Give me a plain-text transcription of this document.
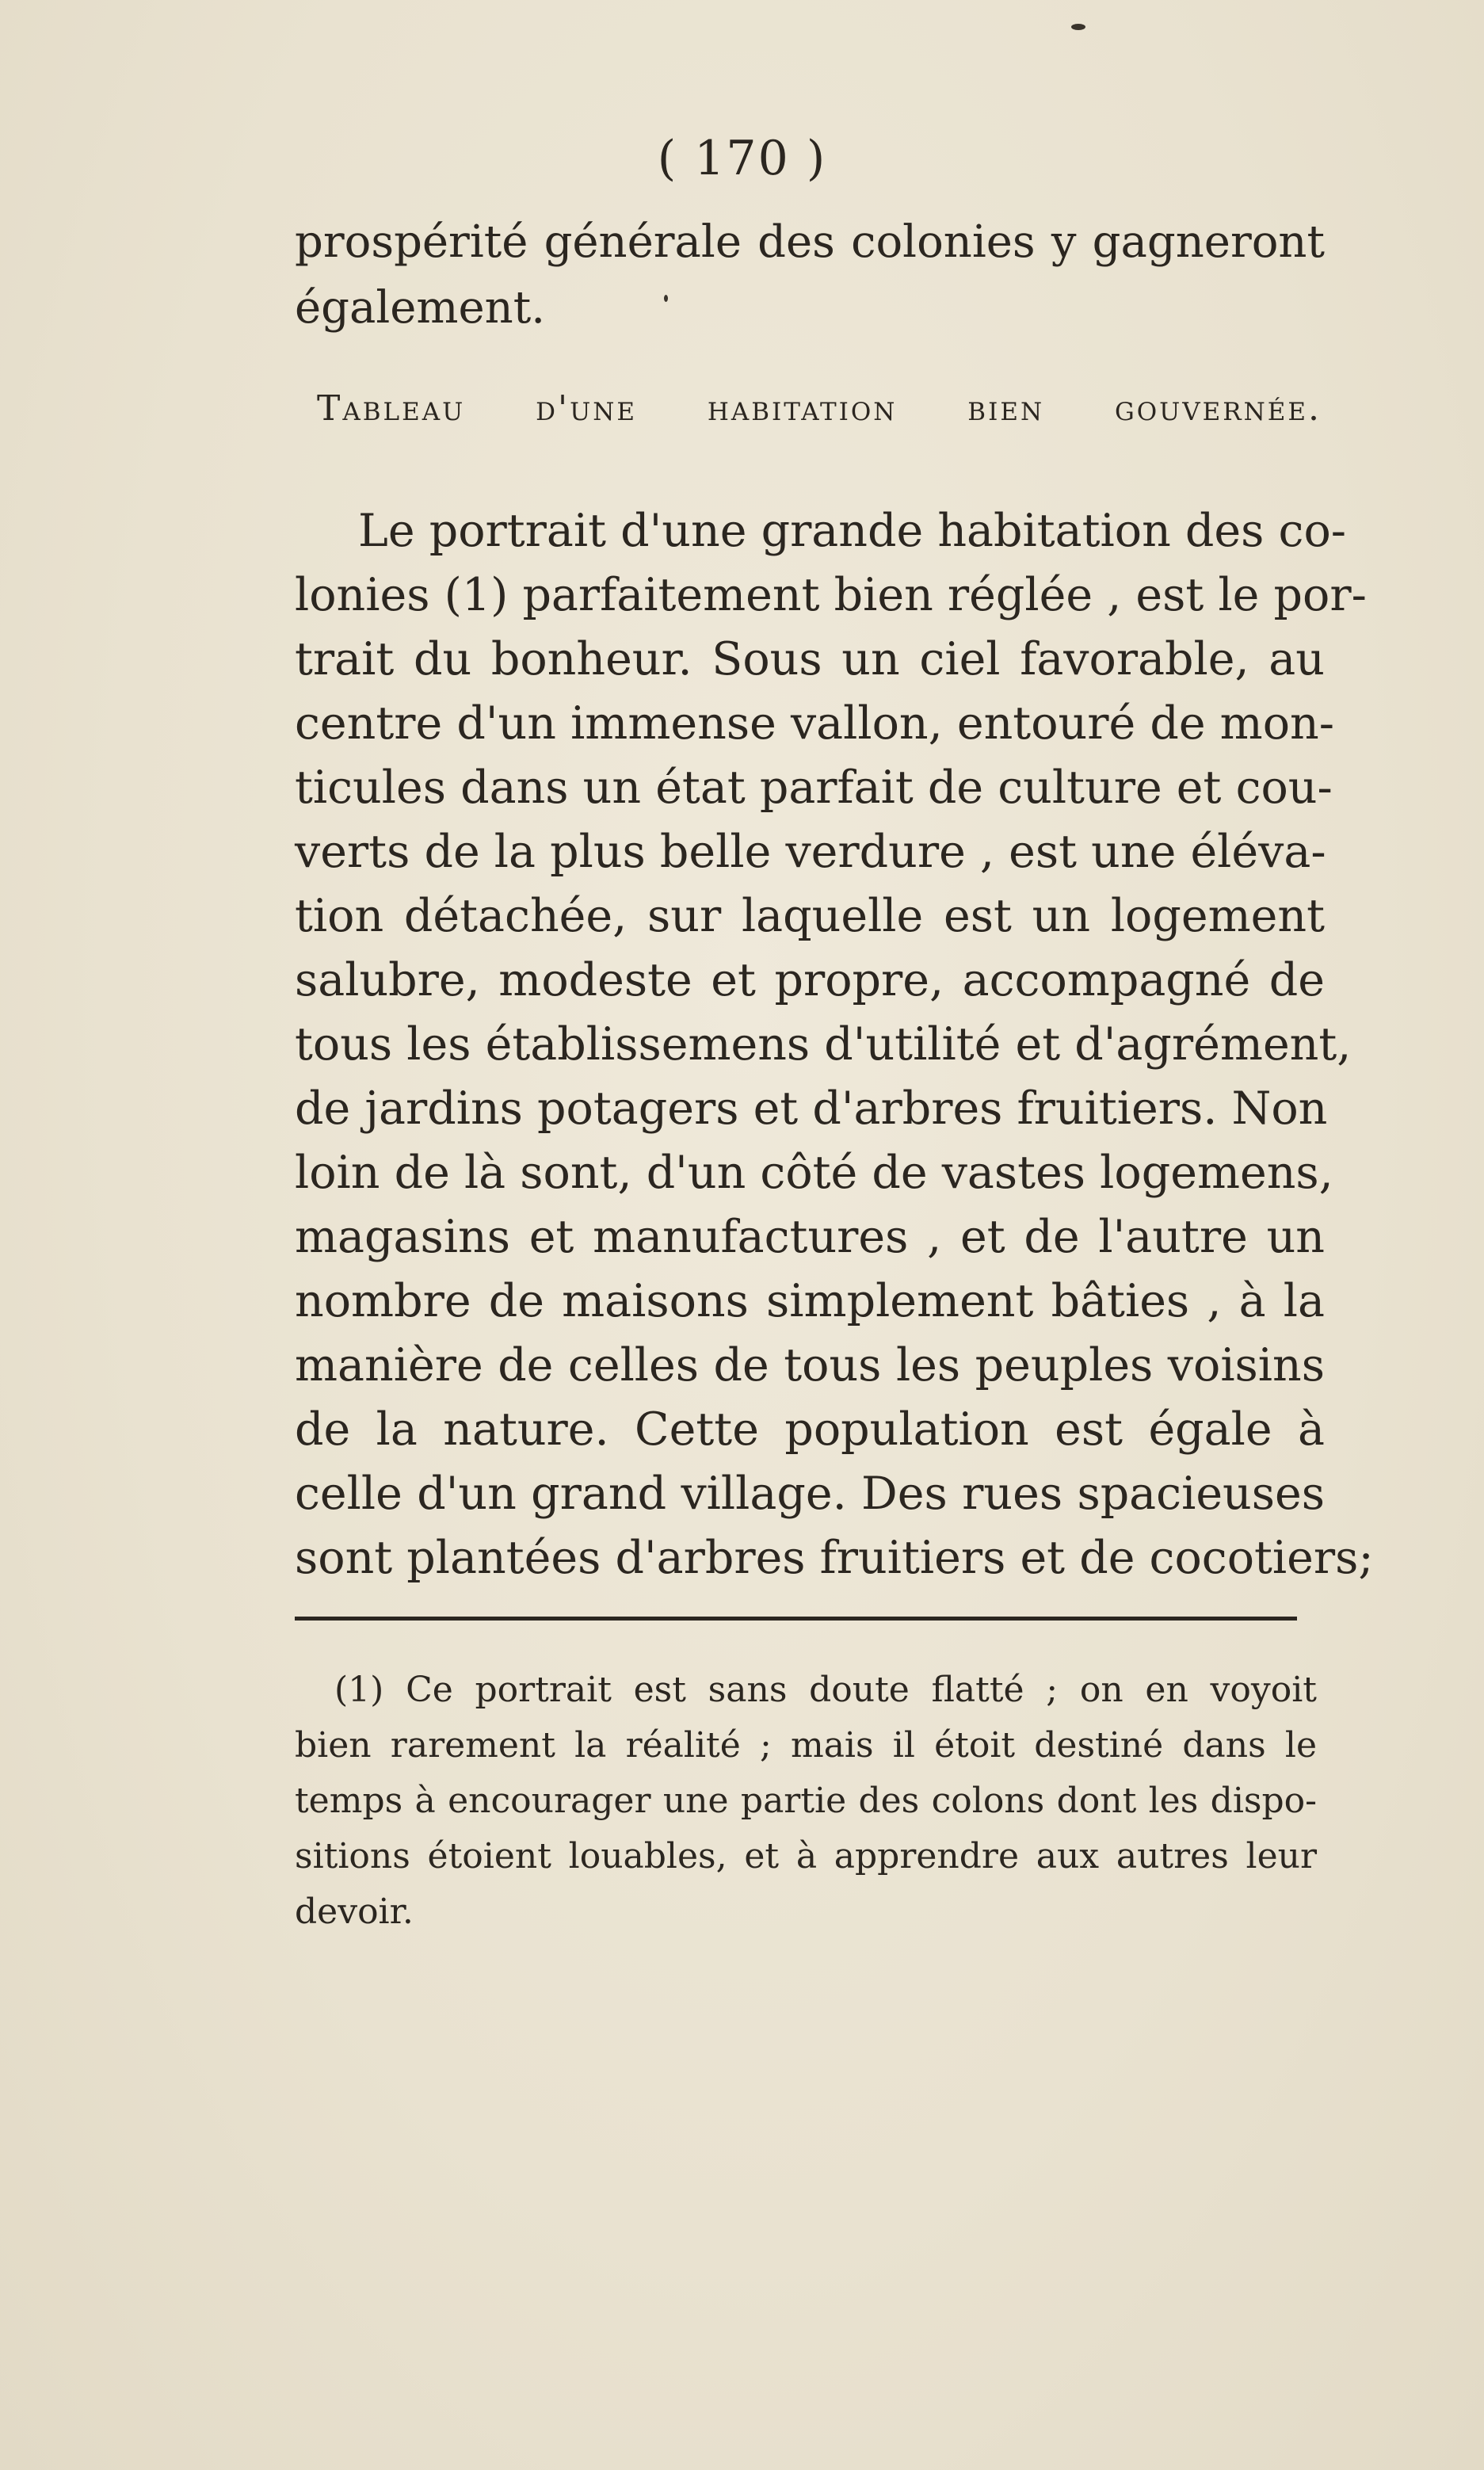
( 170 )
prospérité générale des colonies y gagneront
également.
Tableau d'une habitation bien gouvernée.
Le portrait d'une grande habitation des co-
lonies (1) parfaitement bien réglée , est le por-
trait du bonheur. Sous un ciel favorable, au
centre d'un immense vallon, entouré de mon-
ticules dans un état parfait de culture et cou-
verts de la plus belle verdure , est une éléva-
tion détachée, sur laquelle est un logement
salubre, modeste et propre, accompagné de
tous les établissemens d'utilité et d'agrément,
de jardins potagers et d'arbres fruitiers. Non
loin de là sont, d'un côté de vastes logemens,
magasins et manufactures , et de l'autre un
nombre de maisons simplement bâties , à la
manière de celles de tous les peuples voisins
de la nature. Cette population est égale à
celle d'un grand village. Des rues spacieuses
sont plantées d'arbres fruitiers et de cocotiers;
(1) Ce portrait est sans doute flatté ; on en voyoit
bien rarement la réalité ; mais il étoit destiné dans le
temps à encourager une partie des colons dont les dispo-
sitions étoient louables, et à apprendre aux autres leur
devoir.
